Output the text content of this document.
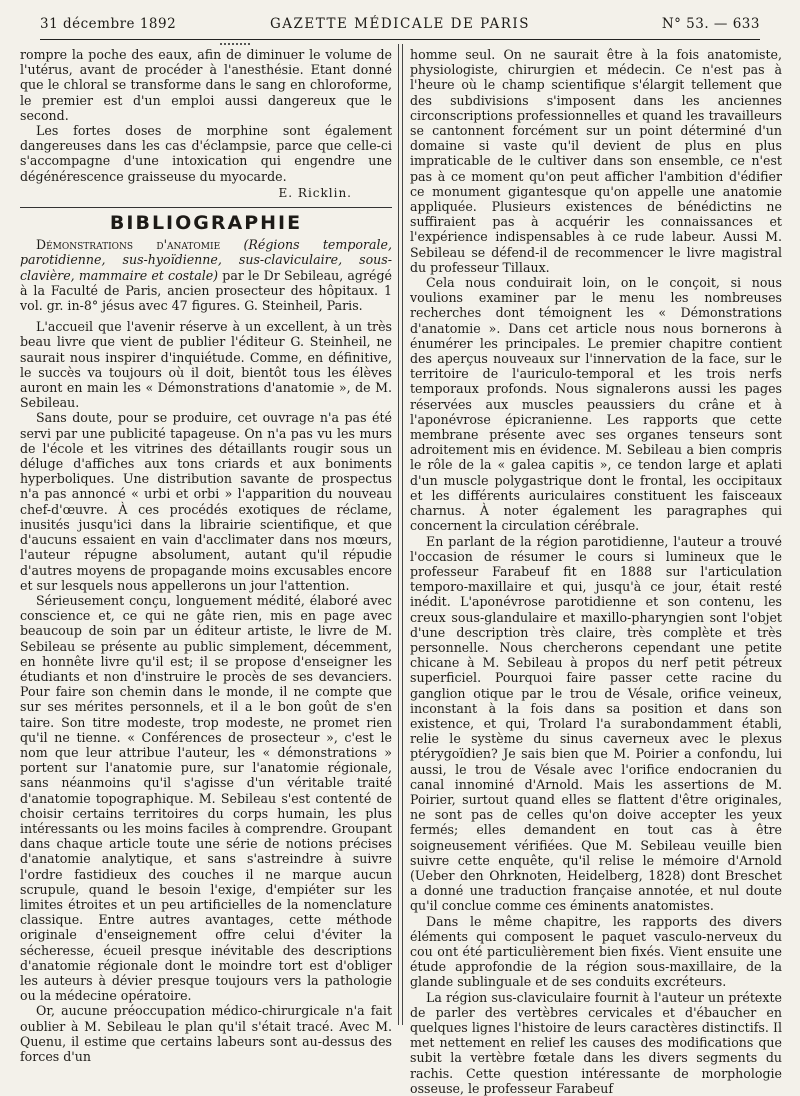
31 décembre 1892	GAZETTE MÉDICALE DE PARIS	N° 53. — 633

rompre la poche des eaux, afin de diminuer le volume de l'utérus, avant de procéder à l'anesthésie. Etant donné que le chloral se transforme dans le sang en chloroforme, le premier est d'un emploi aussi dangereux que le second.

Les fortes doses de morphine sont également dangereuses dans les cas d'éclampsie, parce que celle-ci s'accompagne d'une intoxication qui engendre une dégénérescence graisseuse du myocarde.

E. Ricklin.
BIBLIOGRAPHIE

Démonstrations d'anatomie (Régions temporale, parotidienne, sus-hyoïdienne, sus-claviculaire, sous-clavière, mammaire et costale) par le Dr Sebileau, agrégé à la Faculté de Paris, ancien prosecteur des hôpitaux. 1 vol. gr. in-8° jésus avec 47 figures. G. Steinheil, Paris.

L'accueil que l'avenir réserve à un excellent, à un très beau livre que vient de publier l'éditeur G. Steinheil, ne saurait nous inspirer d'inquiétude. Comme, en définitive, le succès va toujours où il doit, bientôt tous les élèves auront en main les « Démonstrations d'anatomie », de M. Sebileau.

Sans doute, pour se produire, cet ouvrage n'a pas été servi par une publicité tapageuse. On n'a pas vu les murs de l'école et les vitrines des détaillants rougir sous un déluge d'affiches aux tons criards et aux boniments hyperboliques. Une distribution savante de prospectus n'a pas annoncé « urbi et orbi » l'apparition du nouveau chef-d'œuvre. À ces procédés exotiques de réclame, inusités jusqu'ici dans la librairie scientifique, et que d'aucuns essaient en vain d'acclimater dans nos mœurs, l'auteur répugne absolument, autant qu'il répudie d'autres moyens de propagande moins excusables encore et sur lesquels nous appellerons un jour l'attention.

Sérieusement conçu, longuement médité, élaboré avec conscience et, ce qui ne gâte rien, mis en page avec beaucoup de soin par un éditeur artiste, le livre de M. Sebileau se présente au public simplement, décemment, en honnête livre qu'il est; il se propose d'enseigner les étudiants et non d'instruire le procès de ses devanciers. Pour faire son chemin dans le monde, il ne compte que sur ses mérites personnels, et il a le bon goût de s'en taire. Son titre modeste, trop modeste, ne promet rien qu'il ne tienne. « Conférences de prosecteur », c'est le nom que leur attribue l'auteur, les « démonstrations » portent sur l'anatomie pure, sur l'anatomie régionale, sans néanmoins qu'il s'agisse d'un véritable traité d'anatomie topographique. M. Sebileau s'est contenté de choisir certains territoires du corps humain, les plus intéressants ou les moins faciles à comprendre. Groupant dans chaque article toute une série de notions précises d'anatomie analytique, et sans s'astreindre à suivre l'ordre fastidieux des couches il ne marque aucun scrupule, quand le besoin l'exige, d'empiéter sur les limites étroites et un peu artificielles de la nomenclature classique. Entre autres avantages, cette méthode originale d'enseignement offre celui d'éviter la sécheresse, écueil presque inévitable des descriptions d'anatomie régionale dont le moindre tort est d'obliger les auteurs à dévier presque toujours vers la pathologie ou la médecine opératoire.

Or, aucune préoccupation médico-chirurgicale n'a fait oublier à M. Sebileau le plan qu'il s'était tracé. Avec M. Quenu, il estime que certains labeurs sont au-dessus des forces d'un

homme seul. On ne saurait être à la fois anatomiste, physiologiste, chirurgien et médecin. Ce n'est pas à l'heure où le champ scientifique s'élargit tellement que des subdivisions s'imposent dans les anciennes circonscriptions professionnelles et quand les travailleurs se cantonnent forcément sur un point déterminé d'un domaine si vaste qu'il devient de plus en plus impraticable de le cultiver dans son ensemble, ce n'est pas à ce moment qu'on peut afficher l'ambition d'édifier ce monument gigantesque qu'on appelle une anatomie appliquée. Plusieurs existences de bénédictins ne suffiraient pas à acquérir les connaissances et l'expérience indispensables à ce rude labeur. Aussi M. Sebileau se défend-il de recommencer le livre magistral du professeur Tillaux.

Cela nous conduirait loin, on le conçoit, si nous voulions examiner par le menu les nombreuses recherches dont témoignent les « Démonstrations d'anatomie ». Dans cet article nous nous bornerons à énumérer les principales. Le premier chapitre contient des aperçus nouveaux sur l'innervation de la face, sur le territoire de l'auriculo-temporal et les trois nerfs temporaux profonds. Nous signalerons aussi les pages réservées aux muscles peaussiers du crâne et à l'aponévrose épicranienne. Les rapports que cette membrane présente avec ses organes tenseurs sont adroitement mis en évidence. M. Sebileau a bien compris le rôle de la « galea capitis », ce tendon large et aplati d'un muscle polygastrique dont le frontal, les occipitaux et les différents auriculaires constituent les faisceaux charnus. À noter également les paragraphes qui concernent la circulation cérébrale.

En parlant de la région parotidienne, l'auteur a trouvé l'occasion de résumer le cours si lumineux que le professeur Farabeuf fit en 1888 sur l'articulation temporo-maxillaire et qui, jusqu'à ce jour, était resté inédit. L'aponévrose parotidienne et son contenu, les creux sous-glandulaire et maxillo-pharyngien sont l'objet d'une description très claire, très complète et très personnelle. Nous chercherons cependant une petite chicane à M. Sebileau à propos du nerf petit pétreux superficiel. Pourquoi faire passer cette racine du ganglion otique par le trou de Vésale, orifice veineux, inconstant à la fois dans sa position et dans son existence, et qui, Trolard l'a surabondamment établi, relie le système du sinus caverneux avec le plexus ptérygoïdien? Je sais bien que M. Poirier a confondu, lui aussi, le trou de Vésale avec l'orifice endocranien du canal innominé d'Arnold. Mais les assertions de M. Poirier, surtout quand elles se flattent d'être originales, ne sont pas de celles qu'on doive accepter les yeux fermés; elles demandent en tout cas à être soigneusement vérifiées. Que M. Sebileau veuille bien suivre cette enquête, qu'il relise le mémoire d'Arnold (Ueber den Ohrknoten, Heidelberg, 1828) dont Breschet a donné une traduction française annotée, et nul doute qu'il conclue comme ces éminents anatomistes.

Dans le même chapitre, les rapports des divers éléments qui composent le paquet vasculo-nerveux du cou ont été particulièrement bien fixés. Vient ensuite une étude approfondie de la région sous-maxillaire, de la glande sublinguale et de ses conduits excréteurs.

La région sus-claviculaire fournit à l'auteur un prétexte de parler des vertèbres cervicales et d'ébaucher en quelques lignes l'histoire de leurs caractères distinctifs. Il met nettement en relief les causes des modifications que subit la vertèbre fœtale dans les divers segments du rachis. Cette question intéressante de morphologie osseuse, le professeur Farabeuf
